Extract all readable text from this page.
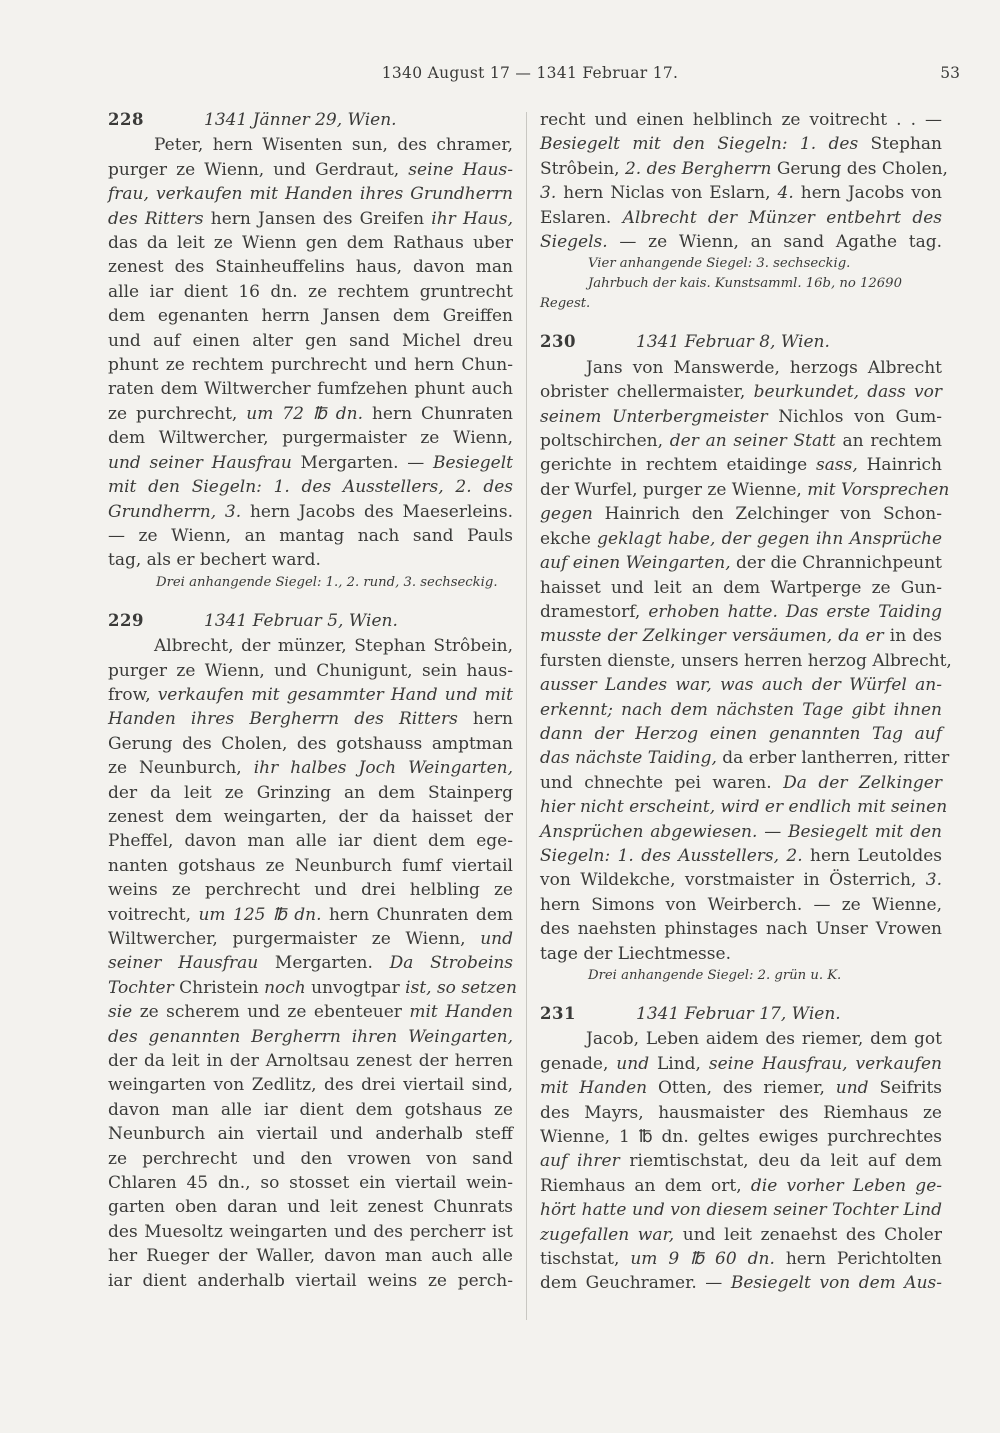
1340 August 17 — 1341 Februar 17.	53
228	1341 Jänner 29, Wien.
Peter, hern Wisenten sun, des chramer,
purger ze Wienn, und Gerdraut, seine Haus-
frau, verkaufen mit Handen ihres Grundherrn
des Ritters hern Jansen des Greifen ihr Haus,
das da leit ze Wienn gen dem Rathaus uber
zenest des Stainheuffelins haus, davon man
alle iar dient 16 dn. ze rechtem gruntrecht
dem egenanten herrn Jansen dem Greiffen
und auf einen alter gen sand Michel dreu
phunt ze rechtem purchrecht und hern Chun-
raten dem Wiltwercher fumfzehen phunt auch
ze purchrecht, um 72 ℔ dn. hern Chunraten
dem Wiltwercher, purgermaister ze Wienn,
und seiner Hausfrau Mergarten. — Besiegelt
mit den Siegeln: 1. des Ausstellers, 2. des
Grundherrn, 3. hern Jacobs des Maeserleins.
— ze Wienn, an mantag nach sand Pauls
tag, als er bechert ward.
Drei anhangende Siegel: 1., 2. rund, 3. sechseckig.
229	1341 Februar 5, Wien.
Albrecht, der münzer, Stephan Strôbein,
purger ze Wienn, und Chunigunt, sein haus-
frow, verkaufen mit gesammter Hand und mit
Handen ihres Bergherrn des Ritters hern
Gerung des Cholen, des gotshauss amptman
ze Neunburch, ihr halbes Joch Weingarten,
der da leit ze Grinzing an dem Stainperg
zenest dem weingarten, der da haisset der
Pheffel, davon man alle iar dient dem ege-
nanten gotshaus ze Neunburch fumf viertail
weins ze perchrecht und drei helbling ze
voitrecht, um 125 ℔ dn. hern Chunraten dem
Wiltwercher, purgermaister ze Wienn, und
seiner Hausfrau Mergarten. Da Strobeins
Tochter Christein noch unvogtpar ist, so setzen
sie ze scherem und ze ebenteuer mit Handen
des genannten Bergherrn ihren Weingarten,
der da leit in der Arnoltsau zenest der herren
weingarten von Zedlitz, des drei viertail sind,
davon man alle iar dient dem gotshaus ze
Neunburch ain viertail und anderhalb steff
ze perchrecht und den vrowen von sand
Chlaren 45 dn., so stosset ein viertail wein-
garten oben daran und leit zenest Chunrats
des Muesoltz weingarten und des percherr ist
her Rueger der Waller, davon man auch alle
iar dient anderhalb viertail weins ze perch-
recht und einen helblinch ze voitrecht . . —
Besiegelt mit den Siegeln: 1. des Stephan
Strôbein, 2. des Bergherrn Gerung des Cholen,
3. hern Niclas von Eslarn, 4. hern Jacobs von
Eslaren. Albrecht der Münzer entbehrt des
Siegels. — ze Wienn, an sand Agathe tag.
Vier anhangende Siegel: 3. sechseckig.
Jahrbuch der kais. Kunstsamml. 16b, no 12690
Regest.
230	1341 Februar 8, Wien.
Jans von Manswerde, herzogs Albrecht
obrister chellermaister, beurkundet, dass vor
seinem Unterbergmeister Nichlos von Gum-
poltschirchen, der an seiner Statt an rechtem
gerichte in rechtem etaidinge sass, Hainrich
der Wurfel, purger ze Wienne, mit Vorsprechen
gegen Hainrich den Zelchinger von Schon-
ekche geklagt habe, der gegen ihn Ansprüche
auf einen Weingarten, der die Chrannichpeunt
haisset und leit an dem Wartperge ze Gun-
dramestorf, erhoben hatte. Das erste Taiding
musste der Zelkinger versäumen, da er in des
fursten dienste, unsers herren herzog Albrecht,
ausser Landes war, was auch der Würfel an-
erkennt; nach dem nächsten Tage gibt ihnen
dann der Herzog einen genannten Tag auf
das nächste Taiding, da erber lantherren, ritter
und chnechte pei waren. Da der Zelkinger
hier nicht erscheint, wird er endlich mit seinen
Ansprüchen abgewiesen. — Besiegelt mit den
Siegeln: 1. des Ausstellers, 2. hern Leutoldes
von Wildekche, vorstmaister in Österrich, 3.
hern Simons von Weirberch. — ze Wienne,
des naehsten phinstages nach Unser Vrowen
tage der Liechtmesse.
Drei anhangende Siegel: 2. grün u. K.
231	1341 Februar 17, Wien.
Jacob, Leben aidem des riemer, dem got
genade, und Lind, seine Hausfrau, verkaufen
mit Handen Otten, des riemer, und Seifrits
des Mayrs, hausmaister des Riemhaus ze
Wienne, 1 ℔ dn. geltes ewiges purchrechtes
auf ihrer riemtischstat, deu da leit auf dem
Riemhaus an dem ort, die vorher Leben ge-
hört hatte und von diesem seiner Tochter Lind
zugefallen war, und leit zenaehst des Choler
tischstat, um 9 ℔ 60 dn. hern Perichtolten
dem Geuchramer. — Besiegelt von dem Aus-
